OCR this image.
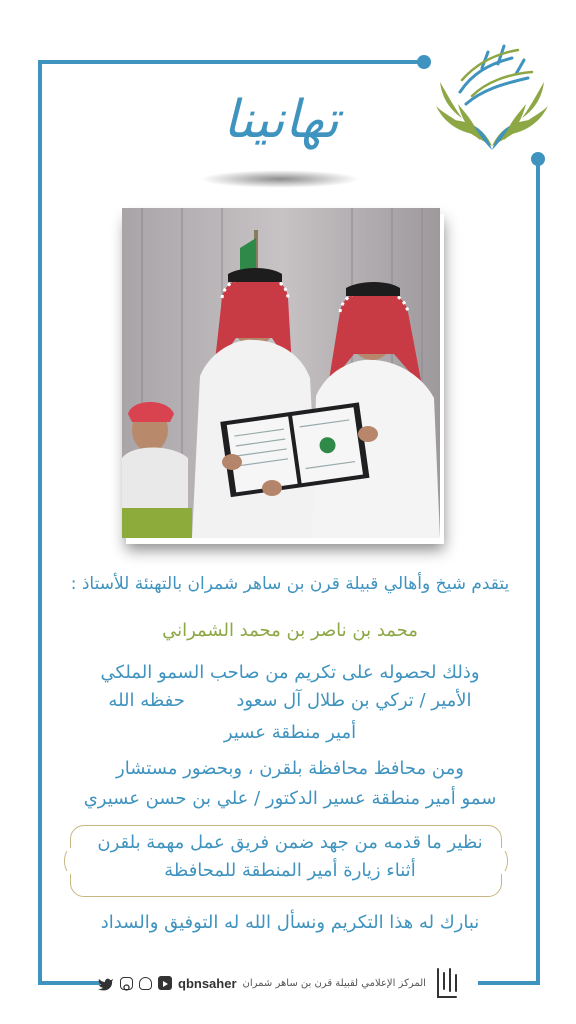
تهانينا
يتقدم شيخ وأهالي قبيلة قرن بن ساهر شمران بالتهنئة للأستاذ :
محمد بن ناصر بن محمد الشمراني
وذلك لحصوله على تكريم من صاحب السمو الملكي
الأمير / تركي بن طلال آل سعود  حفظه الله
أمير منطقة عسير
ومن محافظ محافظة بلقرن ، وبحضور مستشار
سمو أمير منطقة عسير الدكتور / علي بن حسن عسيري
نظير ما قدمه من جهد ضمن فريق عمل مهمة بلقرن
أثناء زيارة أمير المنطقة للمحافظة
نبارك له هذا التكريم ونسأل الله له التوفيق والسداد
المركز الإعلامي لقبيلة قرن بن ساهر شمران
qbnsaher
